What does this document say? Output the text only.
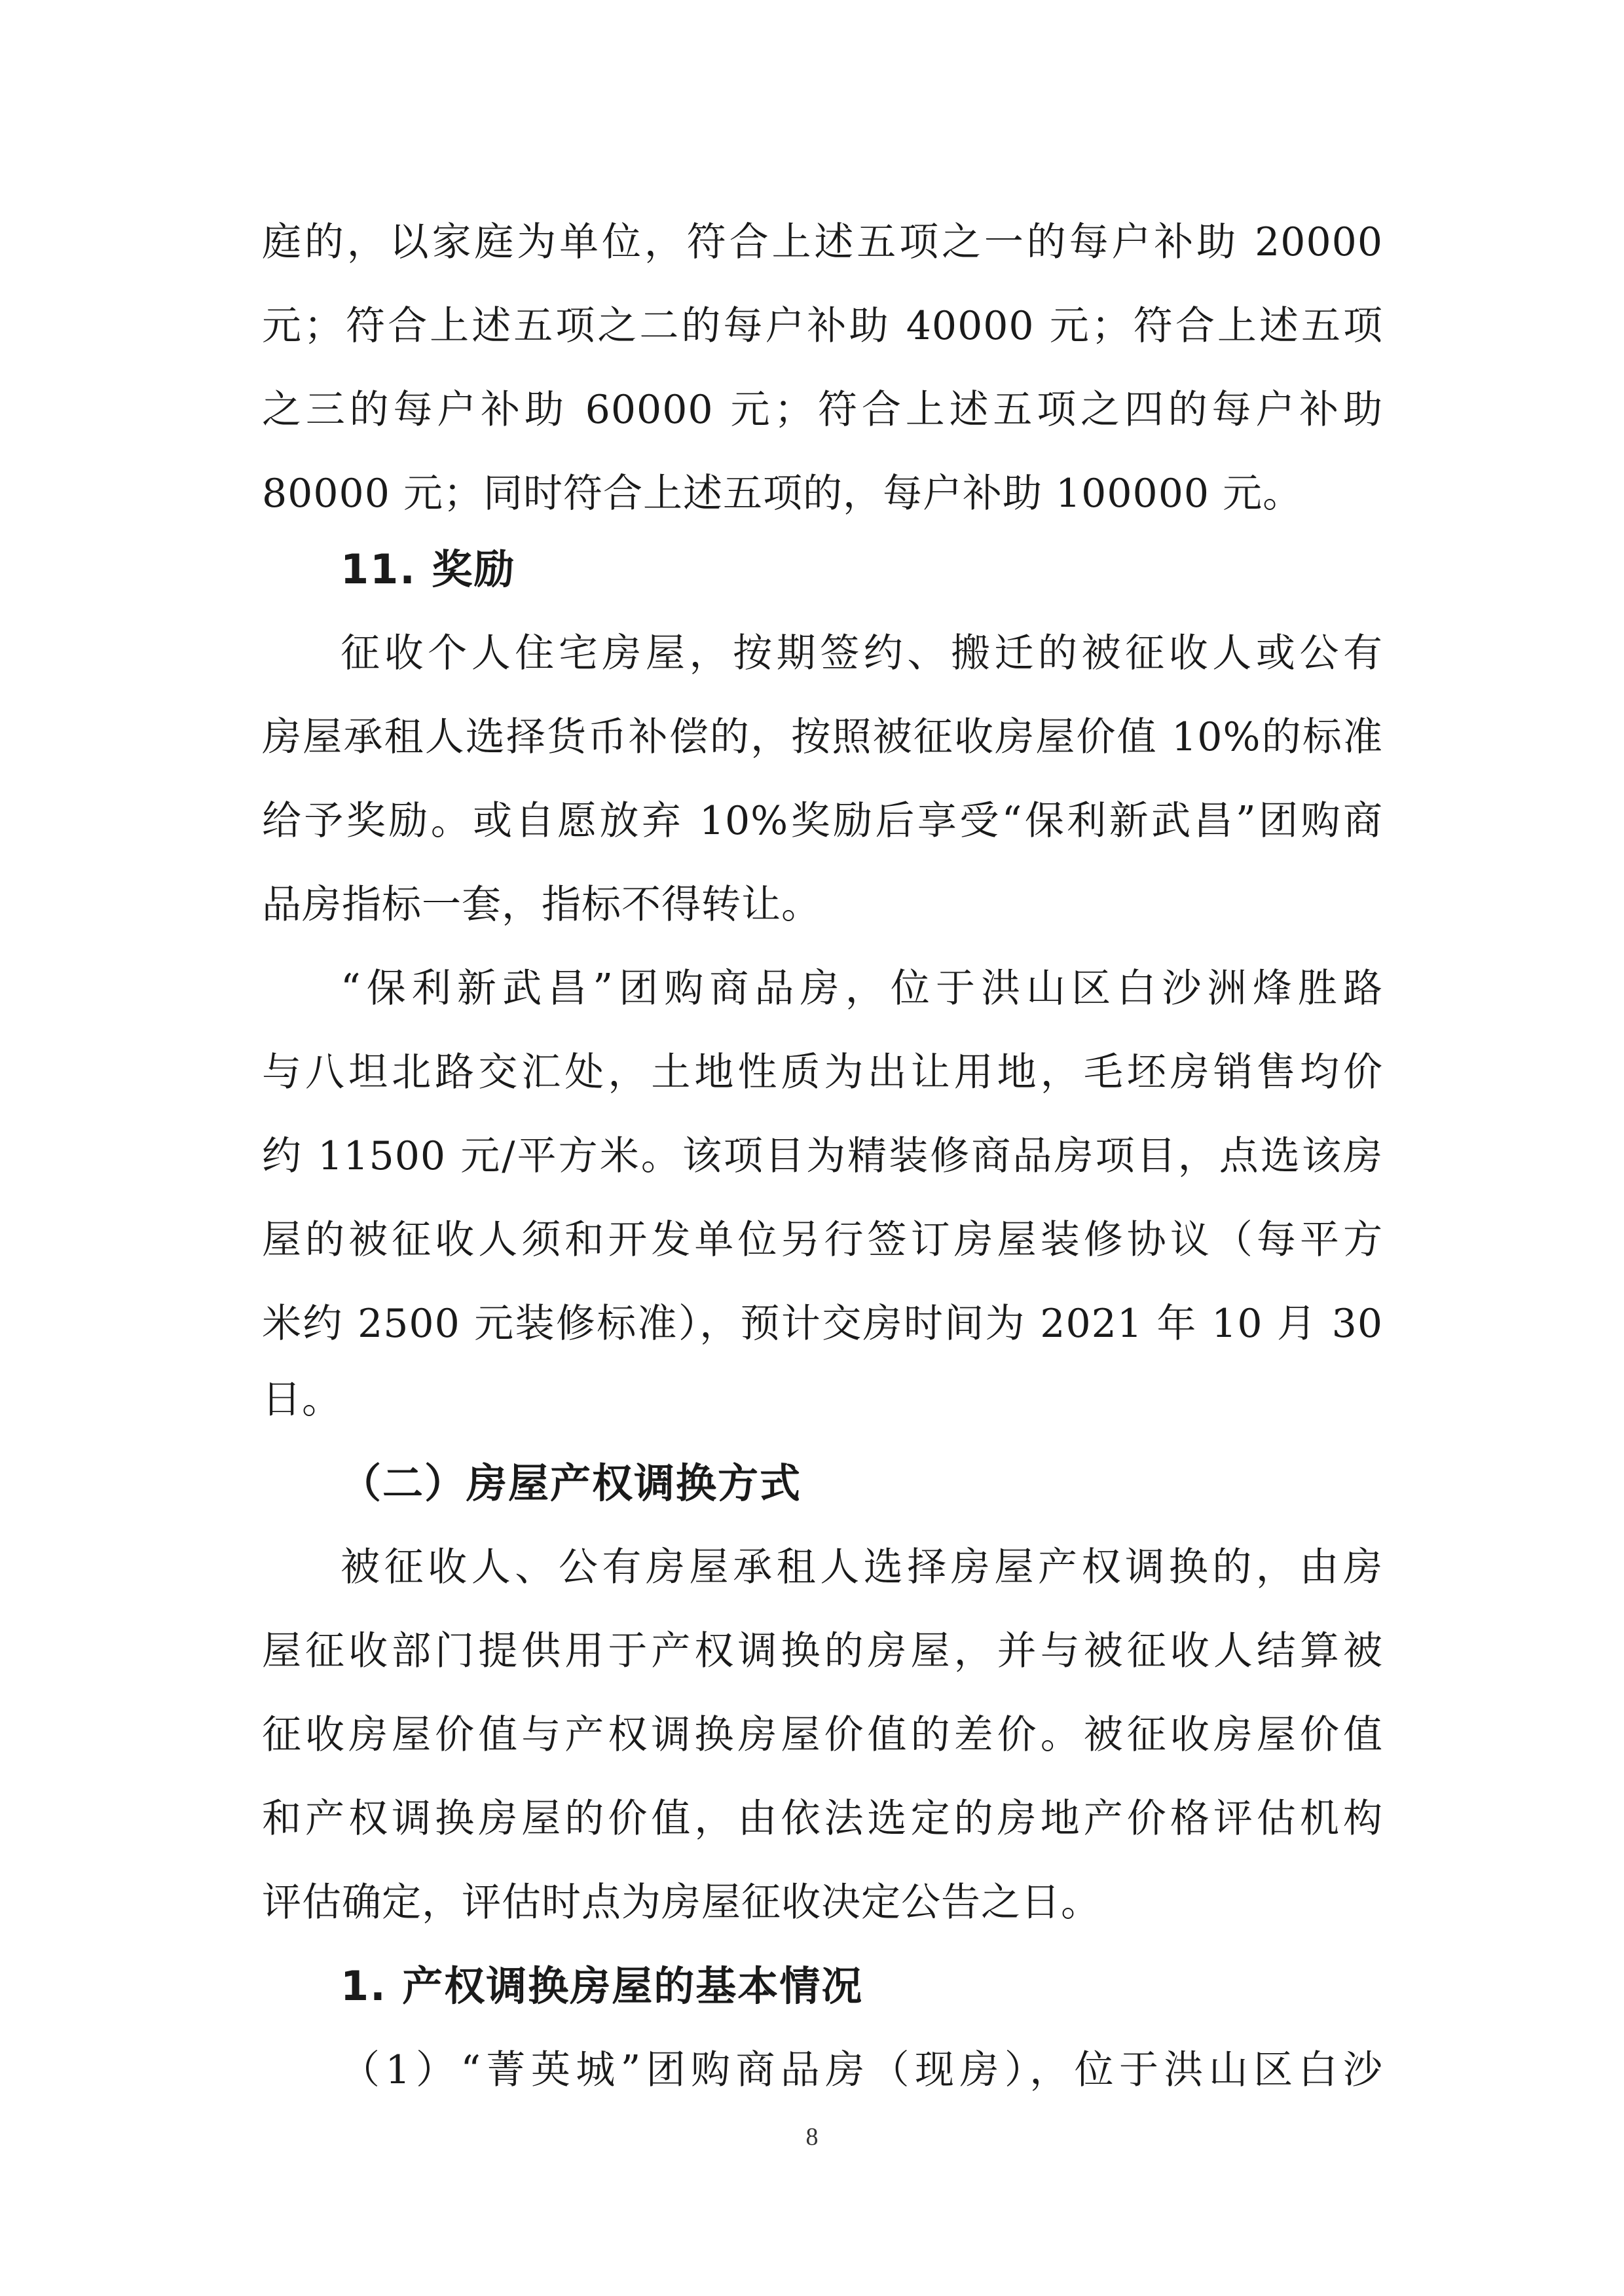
庭的，以家庭为单位，符合上述五项之一的每户补助 20000
元；符合上述五项之二的每户补助 40000 元；符合上述五项
之三的每户补助 60000 元；符合上述五项之四的每户补助
80000 元；同时符合上述五项的，每户补助 100000 元。
11. 奖励
征收个人住宅房屋，按期签约、搬迁的被征收人或公有
房屋承租人选择货币补偿的，按照被征收房屋价值 10%的标准
给予奖励。或自愿放弃 10%奖励后享受“保利新武昌”团购商
品房指标一套，指标不得转让。
“保利新武昌”团购商品房，位于洪山区白沙洲烽胜路
与八坦北路交汇处，土地性质为出让用地，毛坯房销售均价
约 11500 元/平方米。该项目为精装修商品房项目，点选该房
屋的被征收人须和开发单位另行签订房屋装修协议（每平方
米约 2500 元装修标准），预计交房时间为 2021 年 10 月 30
日。
（二）房屋产权调换方式
被征收人、公有房屋承租人选择房屋产权调换的，由房
屋征收部门提供用于产权调换的房屋，并与被征收人结算被
征收房屋价值与产权调换房屋价值的差价。被征收房屋价值
和产权调换房屋的价值，由依法选定的房地产价格评估机构
评估确定，评估时点为房屋征收决定公告之日。
1. 产权调换房屋的基本情况
（1）“菁英城”团购商品房（现房），位于洪山区白沙
8
